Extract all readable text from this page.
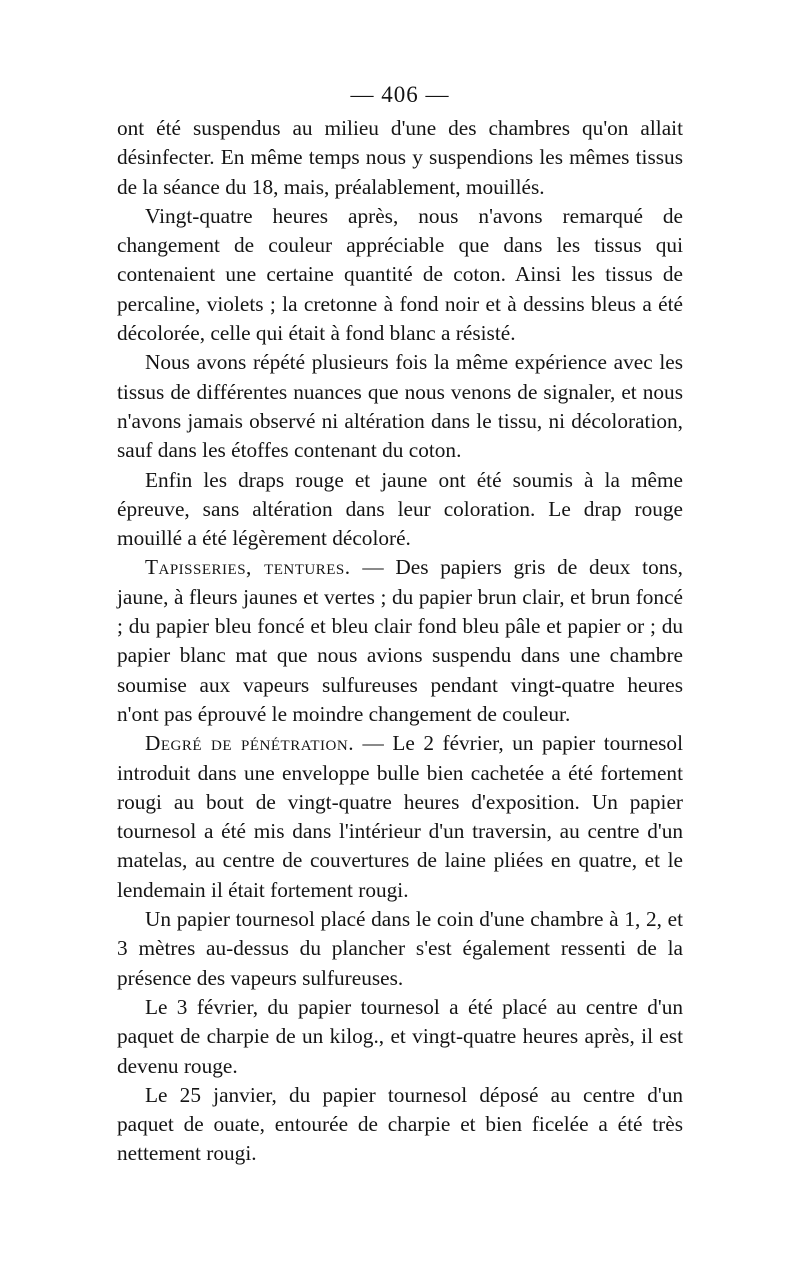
— 406 —

ont été suspendus au milieu d'une des chambres qu'on allait désinfecter. En même temps nous y suspendions les mêmes tissus de la séance du 18, mais, préalablement, mouillés.

Vingt-quatre heures après, nous n'avons remarqué de changement de couleur appréciable que dans les tissus qui contenaient une certaine quantité de coton. Ainsi les tissus de percaline, violets ; la cretonne à fond noir et à dessins bleus a été décolorée, celle qui était à fond blanc a résisté.

Nous avons répété plusieurs fois la même expérience avec les tissus de différentes nuances que nous venons de signaler, et nous n'avons jamais observé ni altération dans le tissu, ni décoloration, sauf dans les étoffes contenant du coton.

Enfin les draps rouge et jaune ont été soumis à la même épreuve, sans altération dans leur coloration. Le drap rouge mouillé a été légèrement décoloré.

Tapisseries, tentures. — Des papiers gris de deux tons, jaune, à fleurs jaunes et vertes ; du papier brun clair, et brun foncé ; du papier bleu foncé et bleu clair fond bleu pâle et papier or ; du papier blanc mat que nous avions suspendu dans une chambre soumise aux vapeurs sulfureuses pendant vingt-quatre heures n'ont pas éprouvé le moindre changement de couleur.

Degré de pénétration. — Le 2 février, un papier tournesol introduit dans une enveloppe bulle bien cachetée a été fortement rougi au bout de vingt-quatre heures d'exposition. Un papier tournesol a été mis dans l'intérieur d'un traversin, au centre d'un matelas, au centre de couvertures de laine pliées en quatre, et le lendemain il était fortement rougi.

Un papier tournesol placé dans le coin d'une chambre à 1, 2, et 3 mètres au-dessus du plancher s'est également ressenti de la présence des vapeurs sulfureuses.

Le 3 février, du papier tournesol a été placé au centre d'un paquet de charpie de un kilog., et vingt-quatre heures après, il est devenu rouge.

Le 25 janvier, du papier tournesol déposé au centre d'un paquet de ouate, entourée de charpie et bien ficelée a été très nettement rougi.
